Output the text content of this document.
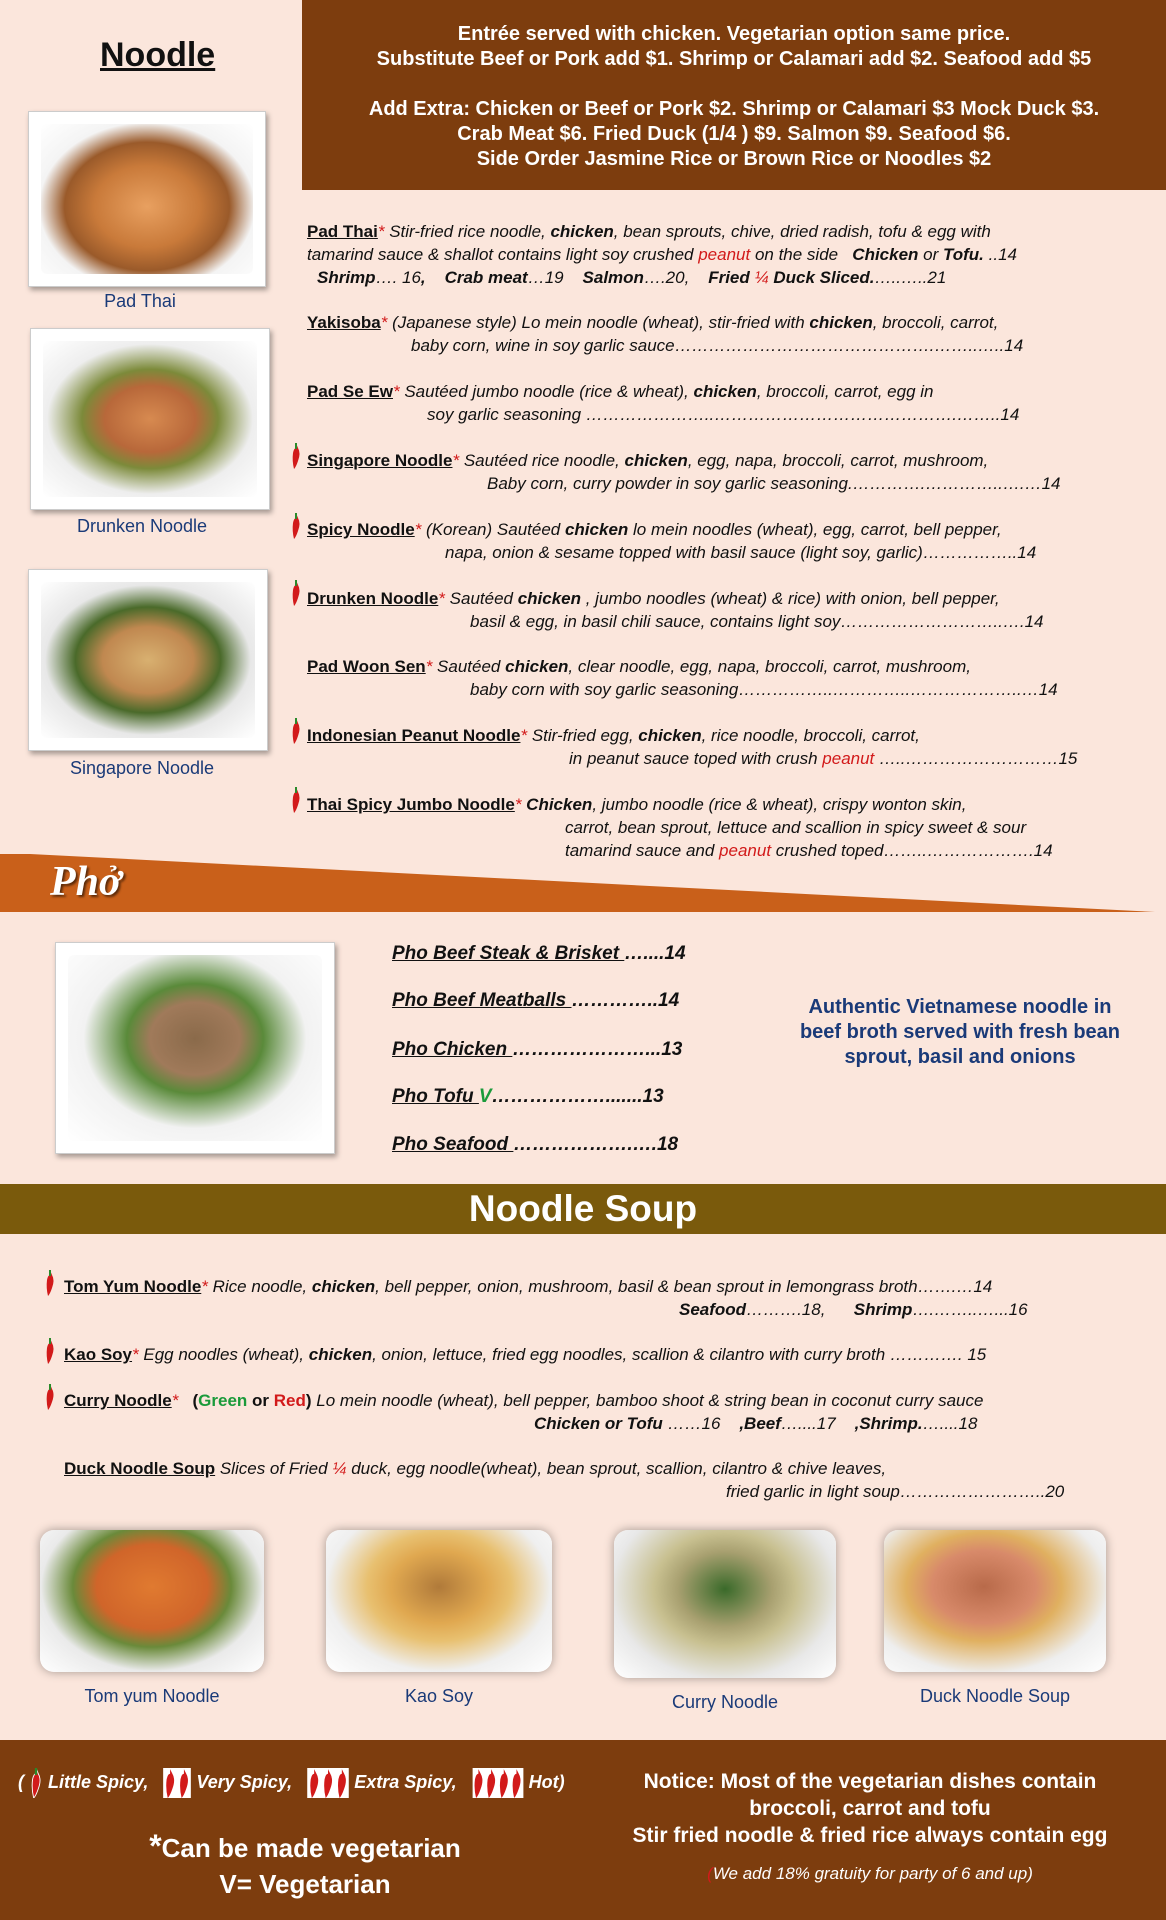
Noodle
Entrée served with chicken. Vegetarian option same price.
Substitute Beef or Pork add $1. Shrimp or Calamari add $2. Seafood add $5
Add Extra: Chicken or Beef or Pork $2. Shrimp or Calamari $3 Mock Duck $3.
Crab Meat $6. Fried Duck (1/4 ) $9. Salmon $9. Seafood $6.
Side Order Jasmine Rice or Brown Rice or Noodles $2
Pad Thai
Drunken Noodle
Singapore Noodle
Pad Thai* Stir-fried rice noodle, chicken, bean sprouts, chive, dried radish, tofu & egg with
tamarind sauce & shallot contains light soy crushed peanut on the side   Chicken or Tofu. ..14
Shrimp…. 16, Crab meat…19 Salmon….20, Fried ¼ Duck Sliced.…..…..21
Yakisoba* (Japanese style) Lo mein noodle (wheat), stir-fried with chicken, broccoli, carrot,
baby corn, wine in soy garlic sauce……………………………………….……..…..14
Pad Se Ew* Sautéed jumbo noodle (rice & wheat), chicken, broccoli, carrot, egg in
soy garlic seasoning …………………..…………………………………….……..14
Singapore Noodle* Sautéed rice noodle, chicken, egg, napa, broccoli, carrot, mushroom,
Baby corn, curry powder in soy garlic seasoning.………….…………..….…14
Spicy Noodle* (Korean) Sautéed chicken lo mein noodles (wheat), egg, carrot, bell pepper,
napa, onion & sesame topped with basil sauce (light soy, garlic)……………..14
Drunken Noodle* Sautéed chicken , jumbo noodles (wheat) & rice) with onion, bell pepper,
basil & egg, in basil chili sauce, contains light soy………………………..….14
Pad Woon Sen* Sautéed chicken, clear noodle, egg, napa, broccoli, carrot, mushroom,
baby corn with soy garlic seasoning……………..…………..………………..…14
Indonesian Peanut Noodle* Stir-fried egg, chicken, rice noodle, broccoli, carrot,
in peanut sauce toped with crush peanut …..………………………15
Thai Spicy Jumbo Noodle* Chicken, jumbo noodle (rice & wheat), crispy wonton skin,
carrot, bean sprout, lettuce and scallion in spicy sweet & sour
tamarind sauce and peanut crushed toped……..……………….14
Phở
Pho Beef Steak & Brisket …....14
Pho Beef Meatballs …………..14
Pho Chicken …………………...13
Pho Tofu V……………….......13
Pho Seafood ……………….….18
Authentic Vietnamese noodle in beef broth served with fresh bean sprout, basil and onions
Noodle Soup
Tom Yum Noodle* Rice noodle, chicken, bell pepper, onion, mushroom, basil & bean sprout in lemongrass broth…….…14
Seafood……….18, Shrimp….……..…...16
Kao Soy* Egg noodles (wheat), chicken, onion, lettuce, fried egg noodles, scallion & cilantro with curry broth …………. 15
Curry Noodle* (Green or Red) Lo mein noodle (wheat), bell pepper, bamboo shoot & string bean in coconut curry sauce
Chicken or Tofu ……16 ,Beef…....17 ,Shrimp.…....18
Duck Noodle Soup Slices of Fried ¼ duck, egg noodle(wheat), bean sprout, scallion, cilantro & chive leaves,
fried garlic in light soup……………………..20
Tom yum Noodle	Kao Soy	Curry Noodle	Duck Noodle Soup
( Little Spicy,	Very Spicy,	Extra Spicy,	Hot)
*Can be made vegetarian
V= Vegetarian
Notice: Most of the vegetarian dishes contain
broccoli, carrot and tofu
Stir fried noodle & fried rice always contain egg
(We add 18% gratuity for party of 6 and up)
